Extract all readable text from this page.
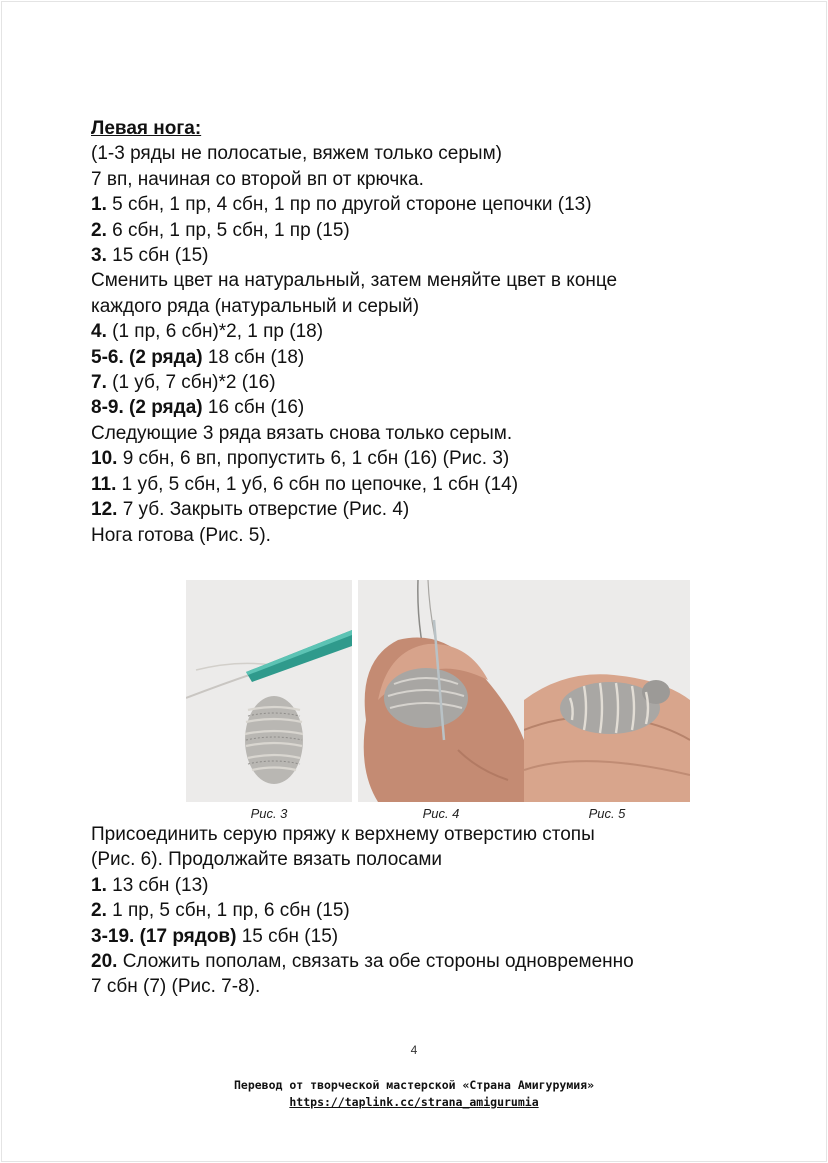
Левая нога:

(1-3 ряды не полосатые, вяжем только серым)

7 вп, начиная со второй вп от крючка.

1. 5 сбн, 1 пр, 4 сбн, 1 пр по другой стороне цепочки (13)

2. 6 сбн, 1 пр, 5 сбн, 1 пр (15)

3. 15 сбн (15)

Сменить цвет на натуральный, затем меняйте цвет в конце

каждого ряда (натуральный и серый)

4. (1 пр, 6 сбн)*2, 1 пр (18)

5-6. (2 ряда) 18 сбн (18)

7. (1 уб, 7 сбн)*2 (16)

8-9. (2 ряда) 16 сбн (16)

Следующие 3 ряда вязать снова только серым.

10. 9 сбн, 6 вп, пропустить 6, 1 сбн (16) (Рис. 3)

11. 1 уб, 5 сбн, 1 уб, 6 сбн по цепочке, 1 сбн (14)

12. 7 уб. Закрыть отверстие (Рис. 4)

Нога готова (Рис. 5).

Рис. 3	Рис. 4	Рис. 5

Присоединить серую пряжу к верхнему отверстию стопы

(Рис. 6). Продолжайте вязать полосами

1. 13 сбн (13)

2. 1 пр, 5 сбн, 1 пр, 6 сбн (15)

3-19. (17 рядов) 15 сбн (15)

20. Сложить пополам, связать за обе стороны одновременно

7 сбн (7) (Рис. 7-8).

4
Перевод от творческой мастерской «Страна Амигурумия»
https://taplink.cc/strana_amigurumia
